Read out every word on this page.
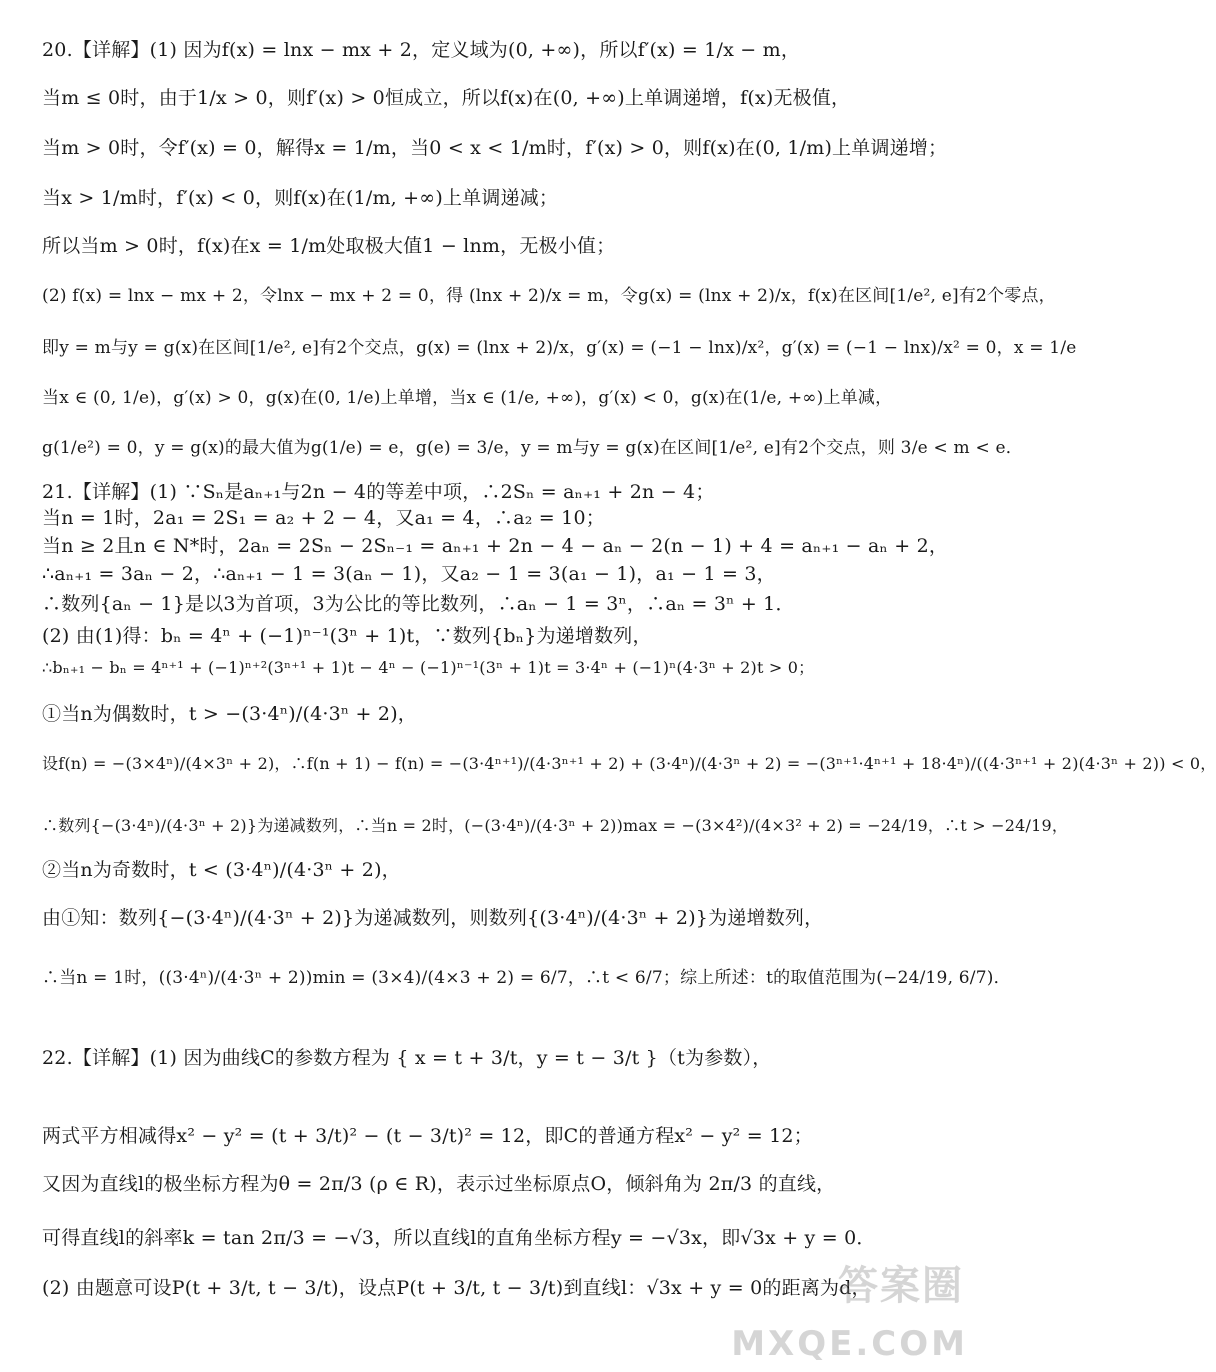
20.【详解】(1) 因为f(x) = lnx − mx + 2，定义域为(0, +∞)，所以f′(x) = 1/x − m，
当m ≤ 0时，由于1/x > 0，则f′(x) > 0恒成立，所以f(x)在(0, +∞)上单调递增，f(x)无极值，
当m > 0时，令f′(x) = 0，解得x = 1/m，当0 < x < 1/m时，f′(x) > 0，则f(x)在(0, 1/m)上单调递增；
当x > 1/m时，f′(x) < 0，则f(x)在(1/m, +∞)上单调递减；
所以当m > 0时，f(x)在x = 1/m处取极大值1 − lnm，无极小值；
(2) f(x) = lnx − mx + 2，令lnx − mx + 2 = 0，得 (lnx + 2)/x = m，令g(x) = (lnx + 2)/x，f(x)在区间[1/e², e]有2个零点，
即y = m与y = g(x)在区间[1/e², e]有2个交点，g(x) = (lnx + 2)/x，g′(x) = (−1 − lnx)/x²，g′(x) = (−1 − lnx)/x² = 0，x = 1/e
当x ∈ (0, 1/e)，g′(x) > 0，g(x)在(0, 1/e)上单增，当x ∈ (1/e, +∞)，g′(x) < 0，g(x)在(1/e, +∞)上单减，
g(1/e²) = 0，y = g(x)的最大值为g(1/e) = e，g(e) = 3/e，y = m与y = g(x)在区间[1/e², e]有2个交点，则 3/e < m < e．
21.【详解】(1) ∵Sₙ是aₙ₊₁与2n − 4的等差中项，∴2Sₙ = aₙ₊₁ + 2n − 4；
当n = 1时，2a₁ = 2S₁ = a₂ + 2 − 4，又a₁ = 4，∴a₂ = 10；
当n ≥ 2且n ∈ N*时，2aₙ = 2Sₙ − 2Sₙ₋₁ = aₙ₊₁ + 2n − 4 − aₙ − 2(n − 1) + 4 = aₙ₊₁ − aₙ + 2，
∴aₙ₊₁ = 3aₙ − 2，∴aₙ₊₁ − 1 = 3(aₙ − 1)，又a₂ − 1 = 3(a₁ − 1)，a₁ − 1 = 3，
∴数列{aₙ − 1}是以3为首项，3为公比的等比数列，∴aₙ − 1 = 3ⁿ，∴aₙ = 3ⁿ + 1．
(2) 由(1)得：bₙ = 4ⁿ + (−1)ⁿ⁻¹(3ⁿ + 1)t，∵数列{bₙ}为递增数列，
∴bₙ₊₁ − bₙ = 4ⁿ⁺¹ + (−1)ⁿ⁺²(3ⁿ⁺¹ + 1)t − 4ⁿ − (−1)ⁿ⁻¹(3ⁿ + 1)t = 3·4ⁿ + (−1)ⁿ(4·3ⁿ + 2)t > 0；
①当n为偶数时，t > −(3·4ⁿ)/(4·3ⁿ + 2)，
设f(n) = −(3×4ⁿ)/(4×3ⁿ + 2)，∴f(n + 1) − f(n) = −(3·4ⁿ⁺¹)/(4·3ⁿ⁺¹ + 2) + (3·4ⁿ)/(4·3ⁿ + 2) = −(3ⁿ⁺¹·4ⁿ⁺¹ + 18·4ⁿ)/((4·3ⁿ⁺¹ + 2)(4·3ⁿ + 2)) < 0，
∴数列{−(3·4ⁿ)/(4·3ⁿ + 2)}为递减数列，∴当n = 2时，(−(3·4ⁿ)/(4·3ⁿ + 2))max = −(3×4²)/(4×3² + 2) = −24/19，∴t > −24/19，
②当n为奇数时，t < (3·4ⁿ)/(4·3ⁿ + 2)，
由①知：数列{−(3·4ⁿ)/(4·3ⁿ + 2)}为递减数列，则数列{(3·4ⁿ)/(4·3ⁿ + 2)}为递增数列，
∴当n = 1时，((3·4ⁿ)/(4·3ⁿ + 2))min = (3×4)/(4×3 + 2) = 6/7，∴t < 6/7；综上所述：t的取值范围为(−24/19, 6/7)．
22.【详解】(1) 因为曲线C的参数方程为 { x = t + 3/t，y = t − 3/t }（t为参数），
两式平方相减得x² − y² = (t + 3/t)² − (t − 3/t)² = 12，即C的普通方程x² − y² = 12；
又因为直线l的极坐标方程为θ = 2π/3 (ρ ∈ R)，表示过坐标原点O，倾斜角为 2π/3 的直线，
可得直线l的斜率k = tan 2π/3 = −√3，所以直线l的直角坐标方程y = −√3x，即√3x + y = 0．
(2) 由题意可设P(t + 3/t, t − 3/t)，设点P(t + 3/t, t − 3/t)到直线l：√3x + y = 0的距离为d，
答案圈
MXQE.COM
